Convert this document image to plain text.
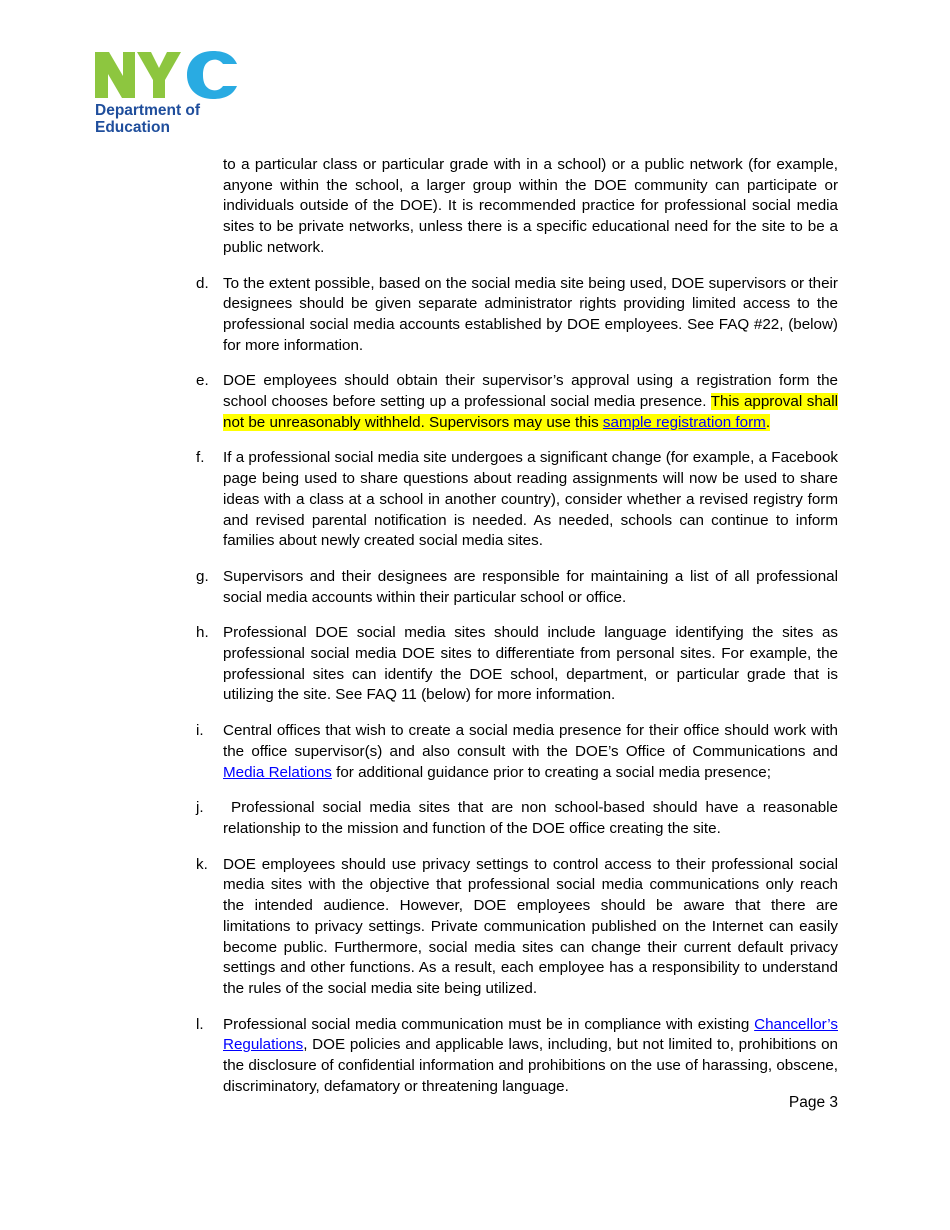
Department of
Education
to a particular class or particular grade with in a school) or a public network (for example, anyone within the school, a larger group within the DOE community can participate or individuals outside of the DOE). It is recommended practice for professional social media sites to be private networks, unless there is a specific educational need for the site to be a public network.
d. To the extent possible, based on the social media site being used, DOE supervisors or their designees should be given separate administrator rights providing limited access to the professional social media accounts established by DOE employees. See FAQ #22, (below) for more information.
e. DOE employees should obtain their supervisor’s approval using a registration form the school chooses before setting up a professional social media presence. This approval shall not be unreasonably withheld. Supervisors may use this sample registration form.
f. If a professional social media site undergoes a significant change (for example, a Facebook page being used to share questions about reading assignments will now be used to share ideas with a class at a school in another country), consider whether a revised registry form and revised parental notification is needed. As needed, schools can continue to inform families about newly created social media sites.
g. Supervisors and their designees are responsible for maintaining a list of all professional social media accounts within their particular school or office.
h. Professional DOE social media sites should include language identifying the sites as professional social media DOE sites to differentiate from personal sites. For example, the professional sites can identify the DOE school, department, or particular grade that is utilizing the site. See FAQ 11 (below) for more information.
i. Central offices that wish to create a social media presence for their office should work with the office supervisor(s) and also consult with the DOE’s Office of Communications and Media Relations for additional guidance prior to creating a social media presence;
j. Professional social media sites that are non school-based should have a reasonable relationship to the mission and function of the DOE office creating the site.
k. DOE employees should use privacy settings to control access to their professional social media sites with the objective that professional social media communications only reach the intended audience. However, DOE employees should be aware that there are limitations to privacy settings. Private communication published on the Internet can easily become public. Furthermore, social media sites can change their current default privacy settings and other functions. As a result, each employee has a responsibility to understand the rules of the social media site being utilized.
l. Professional social media communication must be in compliance with existing Chancellor’s Regulations, DOE policies and applicable laws, including, but not limited to, prohibitions on the disclosure of confidential information and prohibitions on the use of harassing, obscene, discriminatory, defamatory or threatening language.
Page 3
